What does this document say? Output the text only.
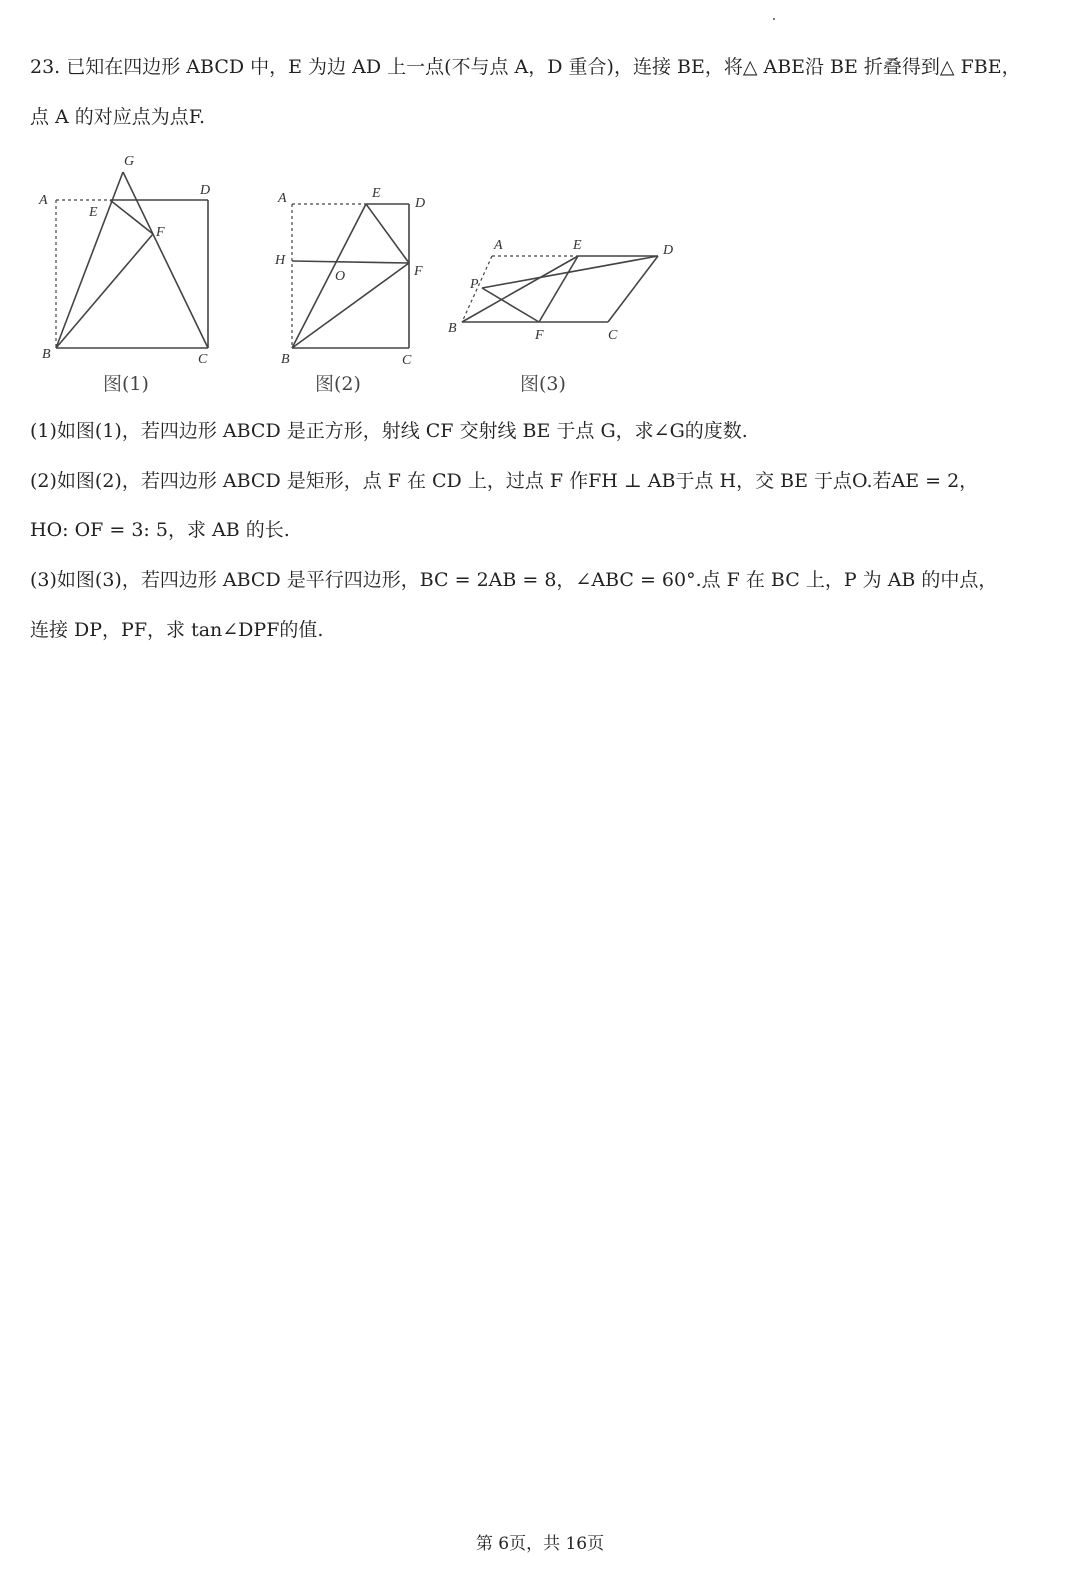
23. 已知在四边形 ABCD 中，E 为边 AD 上一点(不与点 A，D 重合)，连接 BE，将△ ABE沿 BE 折叠得到△ FBE，
点 A 的对应点为点F.
A
B	C
D
E
F
G
图(1)
A
B	C
D
E
F
H
O
图(2)
A
B	C
D
E
F
P
图(3)
(1)如图(1)，若四边形 ABCD 是正方形，射线 CF 交射线 BE 于点 G，求∠G的度数.
(2)如图(2)，若四边形 ABCD 是矩形，点 F 在 CD 上，过点 F 作FH ⊥ AB于点 H，交 BE 于点O.若AE = 2，
HO: OF = 3: 5，求 AB 的长.
(3)如图(3)，若四边形 ABCD 是平行四边形，BC = 2AB = 8，∠ABC = 60°.点 F 在 BC 上，P 为 AB 的中点，
连接 DP，PF，求 tan∠DPF的值.
第 6页，共 16页
